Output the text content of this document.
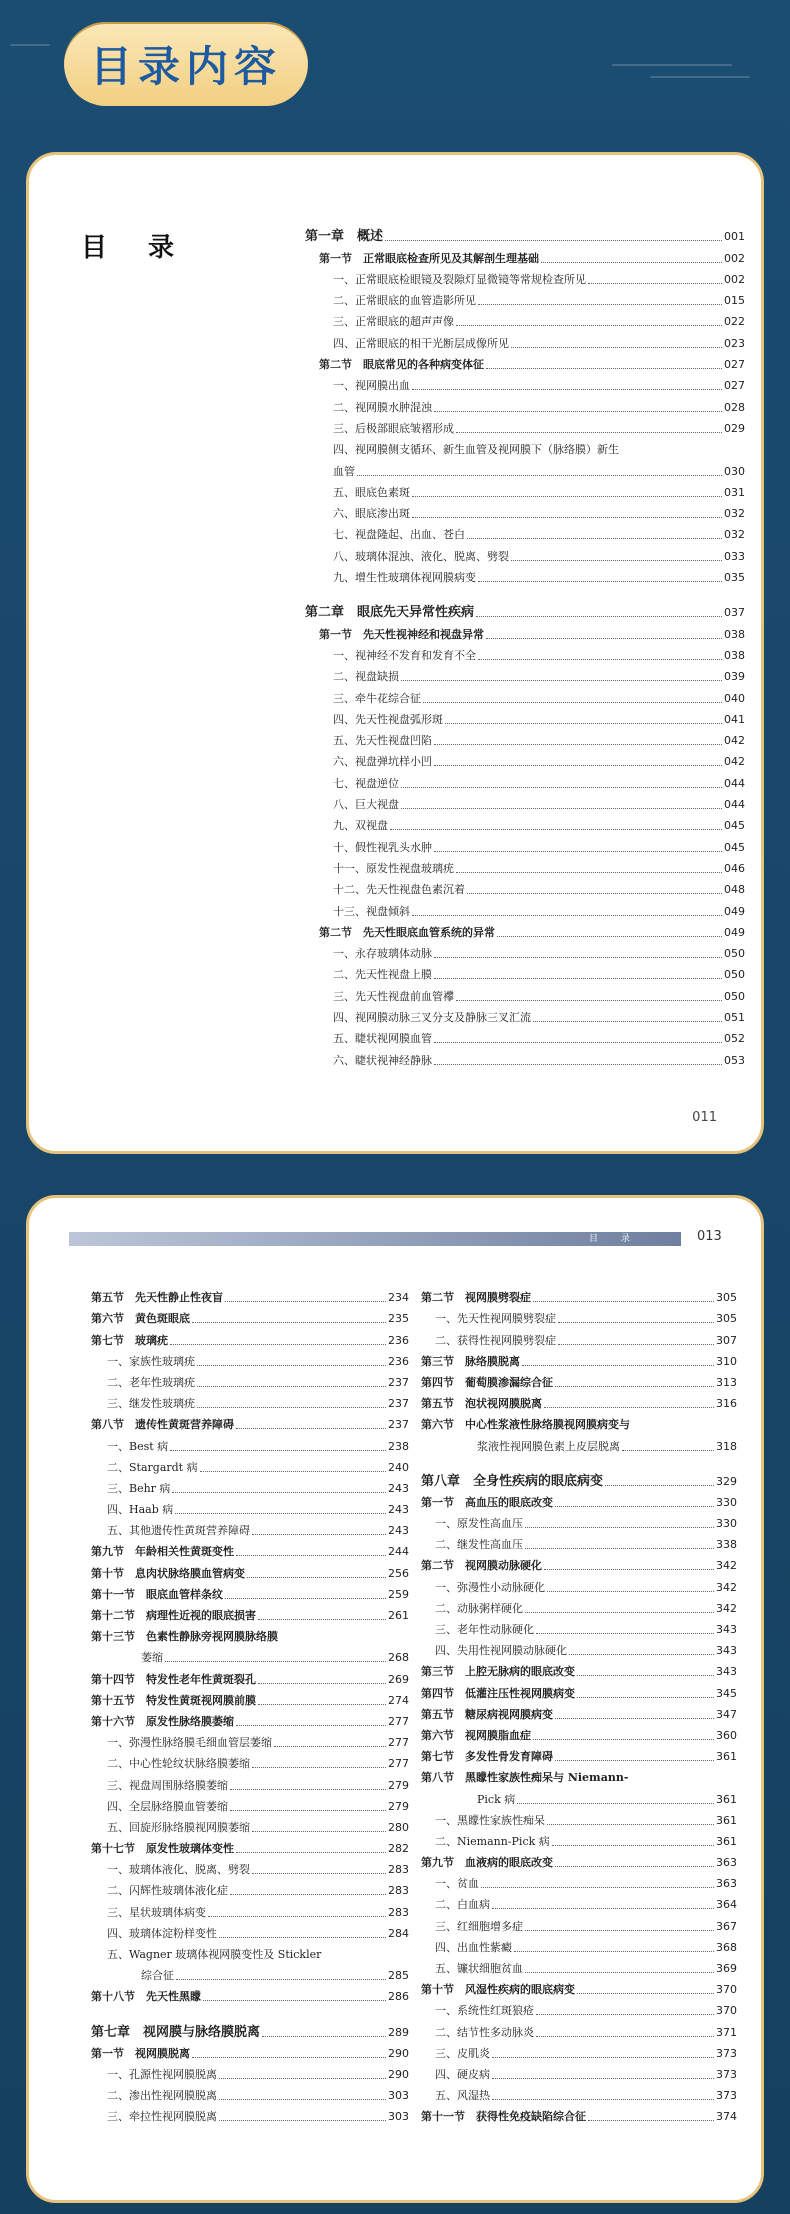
目录内容
目 录	第一章　概述	001
第一节　正常眼底检查所见及其解剖生理基础	002
一、正常眼底检眼镜及裂隙灯显微镜等常规检查所见	002
二、正常眼底的血管造影所见	015
三、正常眼底的超声声像	022
四、正常眼底的相干光断层成像所见	023
第二节　眼底常见的各种病变体征	027
一、视网膜出血	027
二、视网膜水肿混浊	028
三、后极部眼底皱褶形成	029
四、视网膜侧支循环、新生血管及视网膜下（脉络膜）新生
血管	030
五、眼底色素斑	031
六、眼底渗出斑	032
七、视盘隆起、出血、苍白	032
八、玻璃体混浊、液化、脱离、劈裂	033
九、增生性玻璃体视网膜病变	035
第二章　眼底先天异常性疾病	037
第一节　先天性视神经和视盘异常	038
一、视神经不发育和发育不全	038
二、视盘缺损	039
三、牵牛花综合征	040
四、先天性视盘弧形斑	041
五、先天性视盘凹陷	042
六、视盘弹坑样小凹	042
七、视盘逆位	044
八、巨大视盘	044
九、双视盘	045
十、假性视乳头水肿	045
十一、原发性视盘玻璃疣	046
十二、先天性视盘色素沉着	048
十三、视盘倾斜	049
第二节　先天性眼底血管系统的异常	049
一、永存玻璃体动脉	050
二、先天性视盘上膜	050
三、先天性视盘前血管襻	050
四、视网膜动脉三叉分支及静脉三叉汇流	051
五、睫状视网膜血管	052
六、睫状视神经静脉	053
011
目 录	013
第五节　先天性静止性夜盲	234
第六节　黄色斑眼底	235
第七节　玻璃疣	236
一、家族性玻璃疣	236
二、老年性玻璃疣	237
三、继发性玻璃疣	237
第八节　遗传性黄斑营养障碍	237
一、Best 病	238
二、Stargardt 病	240
三、Behr 病	243
四、Haab 病	243
五、其他遗传性黄斑营养障碍	243
第九节　年龄相关性黄斑变性	244
第十节　息肉状脉络膜血管病变	256
第十一节　眼底血管样条纹	259
第十二节　病理性近视的眼底损害	261
第十三节　色素性静脉旁视网膜脉络膜
萎缩	268
第十四节　特发性老年性黄斑裂孔	269
第十五节　特发性黄斑视网膜前膜	274
第十六节　原发性脉络膜萎缩	277
一、弥漫性脉络膜毛细血管层萎缩	277
二、中心性轮纹状脉络膜萎缩	277
三、视盘周围脉络膜萎缩	279
四、全层脉络膜血管萎缩	279
五、回旋形脉络膜视网膜萎缩	280
第十七节　原发性玻璃体变性	282
一、玻璃体液化、脱离、劈裂	283
二、闪辉性玻璃体液化症	283
三、星状玻璃体病变	283
四、玻璃体淀粉样变性	284
五、Wagner 玻璃体视网膜变性及 Stickler
综合征	285
第十八节　先天性黑矇	286
第七章　视网膜与脉络膜脱离	289
第一节　视网膜脱离	290
一、孔源性视网膜脱离	290
二、渗出性视网膜脱离	303
三、牵拉性视网膜脱离	303
第二节　视网膜劈裂症	305
一、先天性视网膜劈裂症	305
二、获得性视网膜劈裂症	307
第三节　脉络膜脱离	310
第四节　葡萄膜渗漏综合征	313
第五节　泡状视网膜脱离	316
第六节　中心性浆液性脉络膜视网膜病变与
浆液性视网膜色素上皮层脱离	318
第八章　全身性疾病的眼底病变	329
第一节　高血压的眼底改变	330
一、原发性高血压	330
二、继发性高血压	338
第二节　视网膜动脉硬化	342
一、弥漫性小动脉硬化	342
二、动脉粥样硬化	342
三、老年性动脉硬化	343
四、失用性视网膜动脉硬化	343
第三节　上腔无脉病的眼底改变	343
第四节　低灌注压性视网膜病变	345
第五节　糖尿病视网膜病变	347
第六节　视网膜脂血症	360
第七节　多发性骨发育障碍	361
第八节　黑矇性家族性痴呆与 Niemann-
Pick 病	361
一、黑矇性家族性痴呆	361
二、Niemann-Pick 病	361
第九节　血液病的眼底改变	363
一、贫血	363
二、白血病	364
三、红细胞增多症	367
四、出血性紫癜	368
五、镰状细胞贫血	369
第十节　风湿性疾病的眼底病变	370
一、系统性红斑狼疮	370
二、结节性多动脉炎	371
三、皮肌炎	373
四、硬皮病	373
五、风湿热	373
第十一节　获得性免疫缺陷综合征	374
